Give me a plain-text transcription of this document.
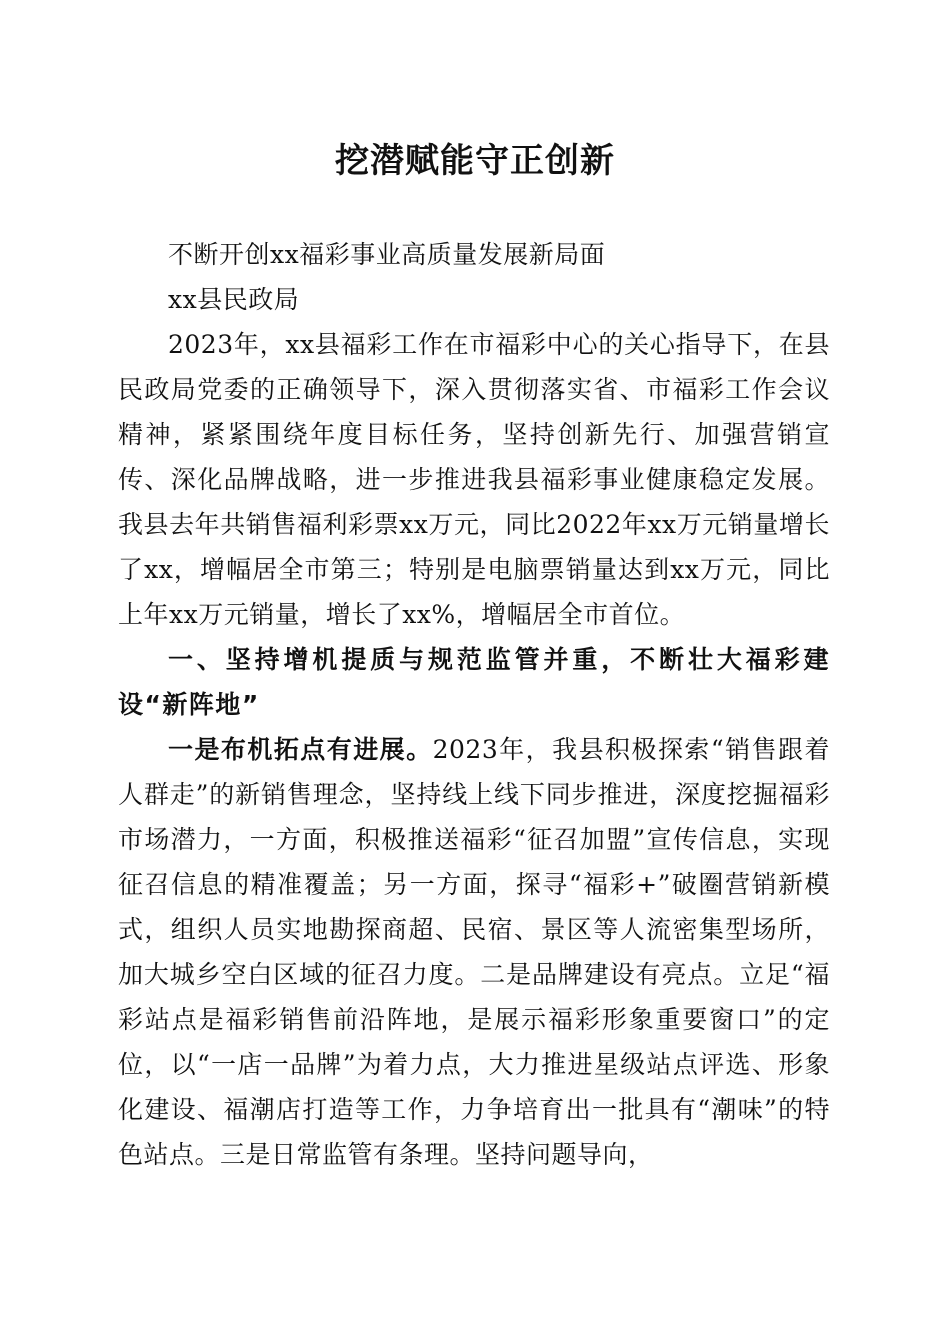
挖潜赋能守正创新

不断开创xx福彩事业高质量发展新局面

xx县民政局

2023年，xx县福彩工作在市福彩中心的关心指导下，在县民政局党委的正确领导下，深入贯彻落实省、市福彩工作会议精神，紧紧围绕年度目标任务，坚持创新先行、加强营销宣传、深化品牌战略，进一步推进我县福彩事业健康稳定发展。我县去年共销售福利彩票xx万元，同比2022年xx万元销量增长了xx，增幅居全市第三；特别是电脑票销量达到xx万元，同比上年xx万元销量，增长了xx%，增幅居全市首位。

一、坚持增机提质与规范监管并重，不断壮大福彩建设“新阵地”

一是布机拓点有进展。2023年，我县积极探索“销售跟着人群走”的新销售理念，坚持线上线下同步推进，深度挖掘福彩市场潜力，一方面，积极推送福彩“征召加盟”宣传信息，实现征召信息的精准覆盖；另一方面，探寻“福彩+”破圈营销新模式，组织人员实地勘探商超、民宿、景区等人流密集型场所，加大城乡空白区域的征召力度。二是品牌建设有亮点。立足“福彩站点是福彩销售前沿阵地，是展示福彩形象重要窗口”的定位，以“一店一品牌”为着力点，大力推进星级站点评选、形象化建设、福潮店打造等工作，力争培育出一批具有“潮味”的特色站点。三是日常监管有条理。坚持问题导向，
